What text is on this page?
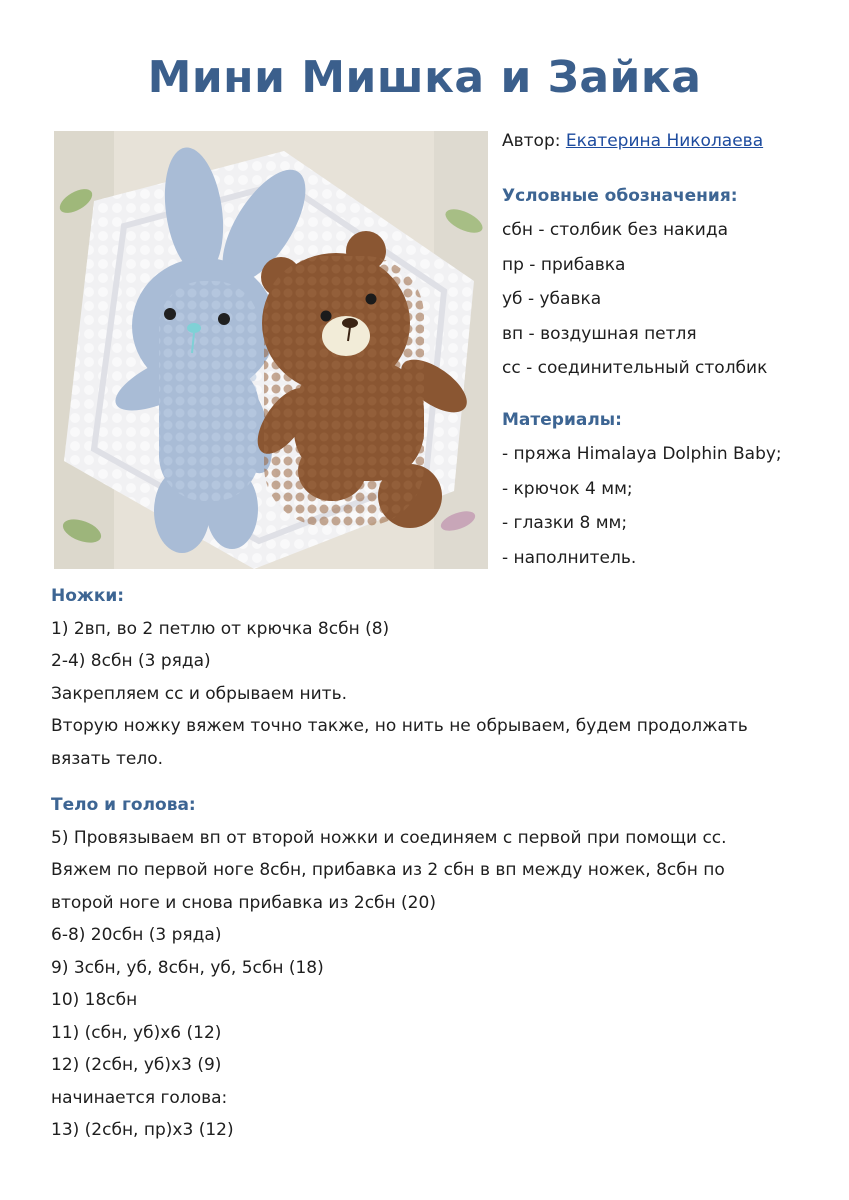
Мини Мишка и Зайка
Автор: Екатерина Николаева
Условные обозначения:
сбн - столбик без накида
пр - прибавка
уб - убавка
вп - воздушная петля
сс - соединительный столбик
Материалы:
- пряжа Himalaya Dolphin Baby;
- крючок 4 мм;
- глазки 8 мм;
- наполнитель.
Ножки:
1) 2вп, во 2 петлю от крючка 8сбн (8)
2-4) 8сбн (3 ряда)
Закрепляем сс и обрываем нить.
Вторую ножку вяжем точно также, но нить не обрываем, будем продолжать
вязать тело.
Тело и голова:
5) Провязываем вп от второй ножки и соединяем с первой при помощи сс.
Вяжем по первой ноге 8сбн, прибавка из 2 сбн в вп между ножек, 8сбн по
второй ноге и снова прибавка из 2сбн (20)
6-8) 20сбн (3 ряда)
9) 3сбн, уб, 8сбн, уб, 5сбн (18)
10) 18сбн
11) (сбн, уб)х6 (12)
12) (2сбн, уб)х3 (9)
начинается голова:
13) (2сбн, пр)х3 (12)
